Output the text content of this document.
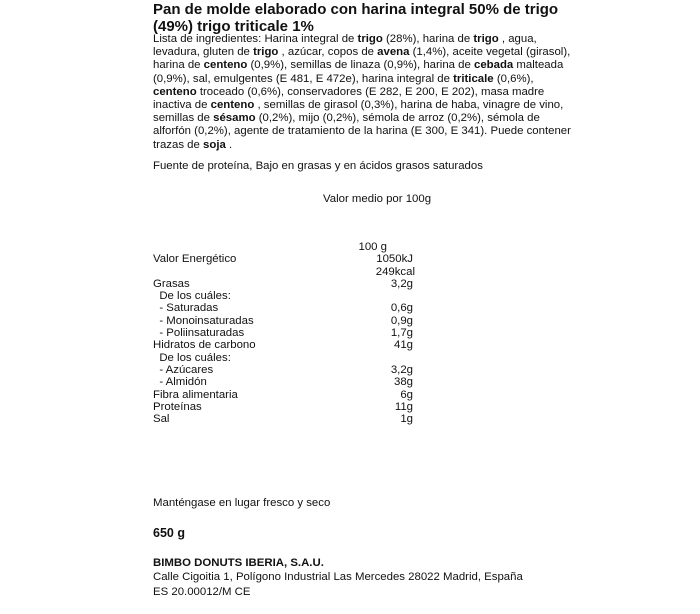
Pan de molde elaborado con harina integral 50% de trigo (49%) trigo triticale 1%
Lista de ingredientes: Harina integral de trigo (28%), harina de trigo , agua, levadura, gluten de trigo , azúcar, copos de avena (1,4%), aceite vegetal (girasol), harina de centeno (0,9%), semillas de linaza (0,9%), harina de cebada malteada (0,9%), sal, emulgentes (E 481, E 472e), harina integral de triticale (0,6%), centeno troceado (0,6%), conservadores (E 282, E 200, E 202), masa madre inactiva de centeno , semillas de girasol (0,3%), harina de haba, vinagre de vino, semillas de sésamo (0,2%), mijo (0,2%), sémola de arroz (0,2%), sémola de alforfón (0,2%), agente de tratamiento de la harina (E 300, E 341). Puede contener trazas de soja .
Fuente de proteína, Bajo en grasas y en ácidos grasos saturados
Valor medio por 100g
100 g
Valor Energético	1050kJ
249kcal
Grasas	3,2g
De los cuáles:
- Saturadas	0,6g
- Monoinsaturadas	0,9g
- Poliinsaturadas	1,7g
Hidratos de carbono	41g
De los cuáles:
- Azúcares	3,2g
- Almidón	38g
Fibra alimentaria	6g
Proteínas	11g
Sal	1g
Manténgase en lugar fresco y seco
650 g
BIMBO DONUTS IBERIA, S.A.U.
Calle Cigoitia 1, Polígono Industrial Las Mercedes 28022 Madrid, España
ES 20.00012/M CE
